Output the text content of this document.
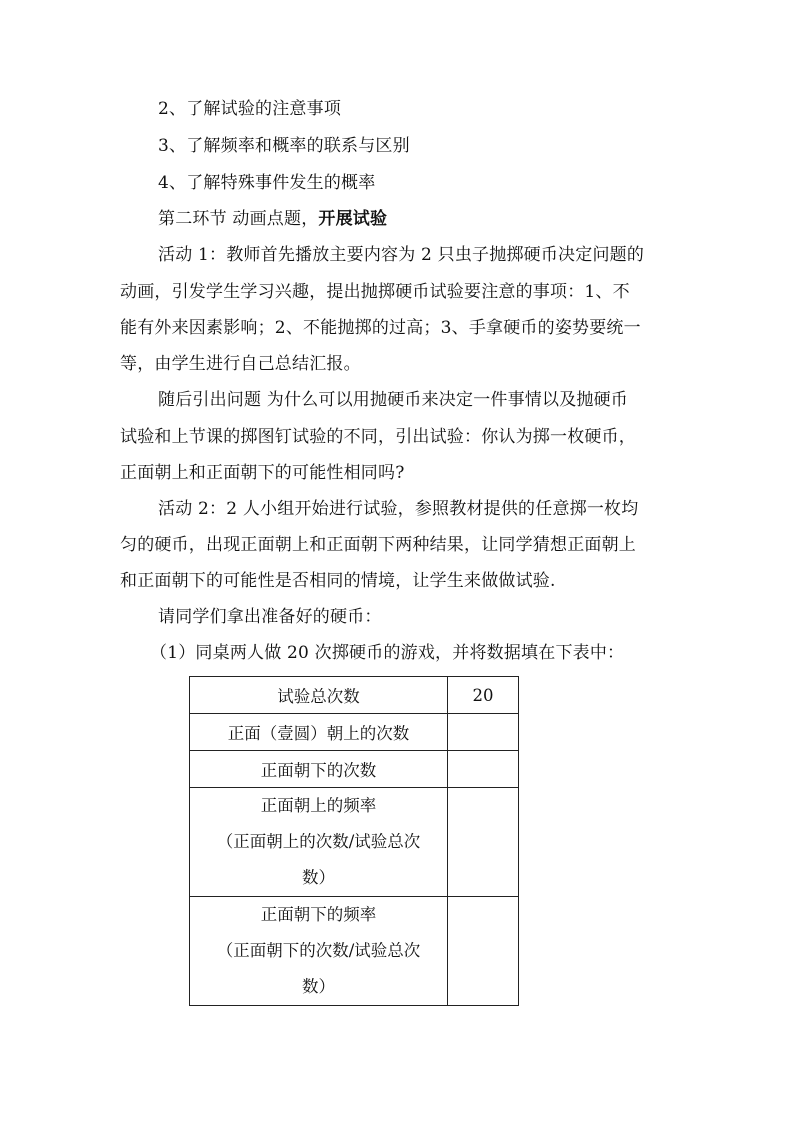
2、了解试验的注意事项
3、了解频率和概率的联系与区别
4、了解特殊事件发生的概率
第二环节 动画点题，开展试验
活动 1：教师首先播放主要内容为 2 只虫子抛掷硬币决定问题的
动画，引发学生学习兴趣，提出抛掷硬币试验要注意的事项：1、不
能有外来因素影响；2、不能抛掷的过高；3、手拿硬币的姿势要统一
等，由学生进行自己总结汇报。
随后引出问题 为什么可以用抛硬币来决定一件事情以及抛硬币
试验和上节课的掷图钉试验的不同，引出试验：你认为掷一枚硬币，
正面朝上和正面朝下的可能性相同吗?
活动 2：2 人小组开始进行试验，参照教材提供的任意掷一枚均
匀的硬币，出现正面朝上和正面朝下两种结果，让同学猜想正面朝上
和正面朝下的可能性是否相同的情境，让学生来做做试验.
请同学们拿出准备好的硬币：
（1）同桌两人做 20 次掷硬币的游戏，并将数据填在下表中：
试验总次数	20
正面（壹圆）朝上的次数	
正面朝下的次数	

正面朝上的频率
（正面朝上的次数/试验总次
数）	

正面朝下的频率
（正面朝下的次数/试验总次
数）	
